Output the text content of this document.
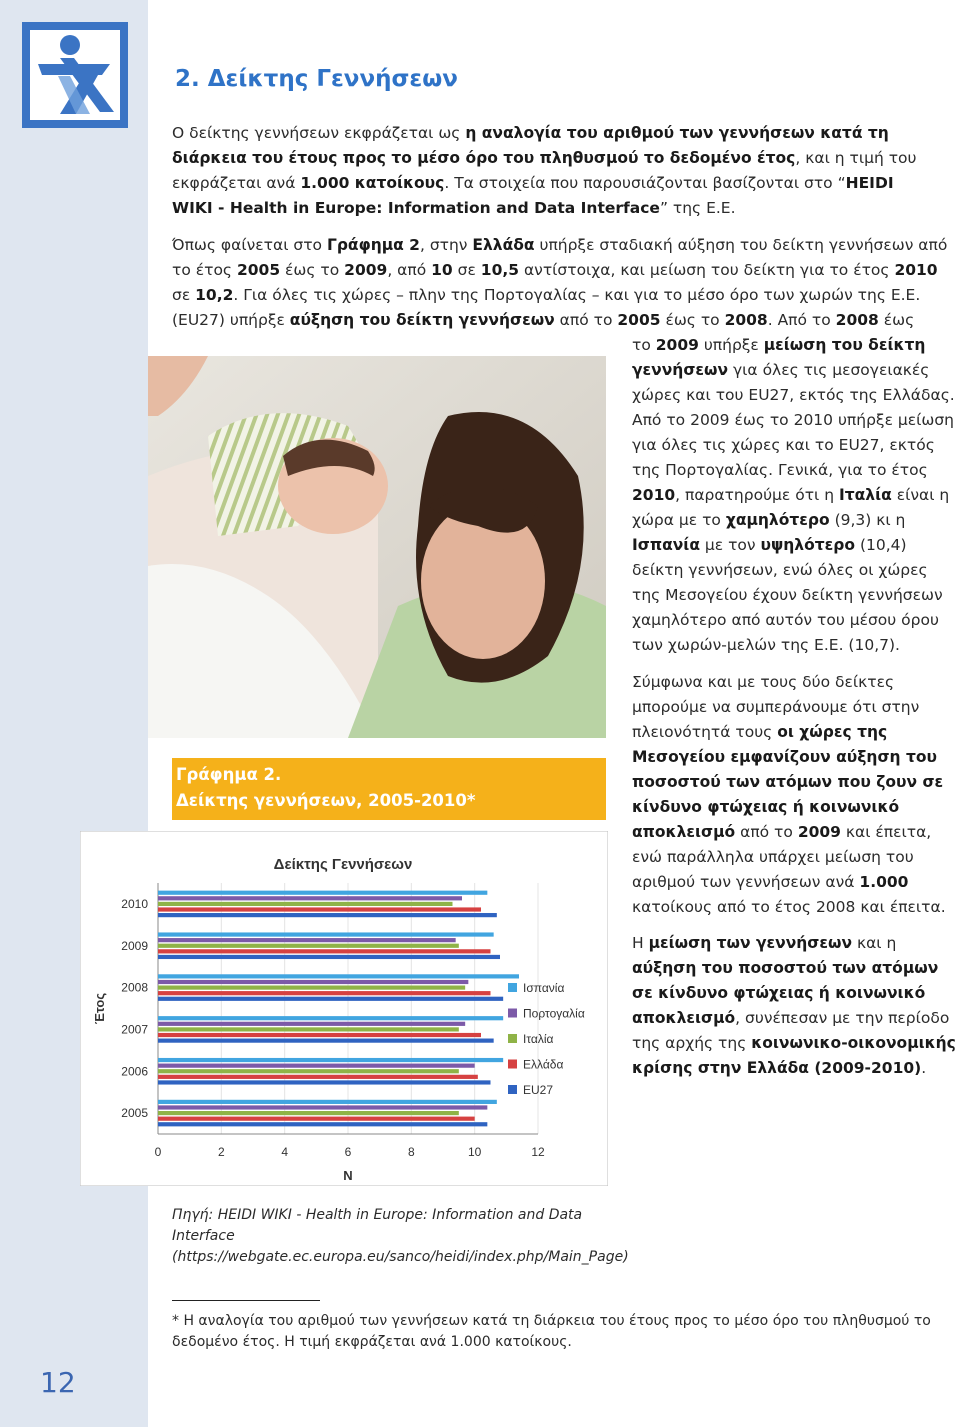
2. Δείκτης Γεννήσεων

Ο δείκτης γεννήσεων εκφράζεται ως η αναλογία του αριθμού των γεννήσεων κατά τη διάρκεια του έτους προς το μέσο όρο του πληθυσμού το δεδομένο έτος, και η τιμή του εκφράζεται ανά 1.000 κατοίκους. Τα στοιχεία που παρουσιάζονται βασίζονται στο “HEIDI WIKI - Health in Europe: Information and Data Interface” της Ε.Ε.

Όπως φαίνεται στο Γράφημα 2, στην Ελλάδα υπήρξε σταδιακή αύξηση του δείκτη γεννήσεων από το έτος 2005 έως το 2009, από 10 σε 10,5 αντίστοιχα, και μείωση του δείκτη για το έτος 2010 σε 10,2. Για όλες τις χώρες – πλην της Πορτογαλίας – και για το μέσο όρο των χωρών της Ε.Ε. (EU27) υπήρξε αύξηση του δείκτη γεννήσεων από το 2005 έως το 2008. Από το 2008 έως

το 2009 υπήρξε μείωση του δείκτη γεννήσεων για όλες τις μεσογειακές χώρες και του EU27, εκτός της Ελλάδας. Από το 2009 έως το 2010 υπήρξε μείωση για όλες τις χώρες και το EU27, εκτός της Πορτογαλίας. Γενικά, για το έτος 2010, παρατηρούμε ότι η Ιταλία είναι η χώρα με το χαμηλότερο (9,3) κι η Ισπανία με τον υψηλότερο (10,4) δείκτη γεννήσεων, ενώ όλες οι χώρες της Μεσογείου έχουν δείκτη γεννήσεων χαμηλότερο από αυτόν του μέσου όρου των χωρών-μελών της Ε.Ε. (10,7).

Σύμφωνα και με τους δύο δείκτες μπορούμε να συμπεράνουμε ότι στην πλειονότητά τους οι χώρες της Μεσογείου εμφανίζουν αύξηση του ποσοστού των ατόμων που ζουν σε κίνδυνο φτώχειας ή κοινωνικό αποκλεισμό από το 2009 και έπειτα, ενώ παράλληλα υπάρχει μείωση του αριθμού των γεννήσεων ανά 1.000 κατοίκους από το έτος 2008 και έπειτα.

Η μείωση των γεννήσεων και η αύξηση του ποσοστού των ατόμων σε κίνδυνο φτώχειας ή κοινωνικό αποκλεισμό, συνέπεσαν με την περίοδο της αρχής της κοινωνικο-οικονομικής κρίσης στην Ελλάδα (2009-2010).

Γράφημα 2.
Δείκτης γεννήσεων, 2005-2010*
Δείκτης Γεννήσεων
0	2	4	6	8	10	12
2010
2009
2008
2007
2006
2005
N
Έτος
Ισπανία
Πορτογαλία
Ιταλία
Ελλάδα
EU27
Πηγή: HEIDI WIKI - Health in Europe: Information and Data Interface (https://webgate.ec.europa.eu/sanco/heidi/index.php/Main_Page)
* Η αναλογία του αριθμού των γεννήσεων κατά τη διάρκεια του έτους προς το μέσο όρο του πληθυσμού το δεδομένο έτος. Η τιμή εκφράζεται ανά 1.000 κατοίκους.
12
